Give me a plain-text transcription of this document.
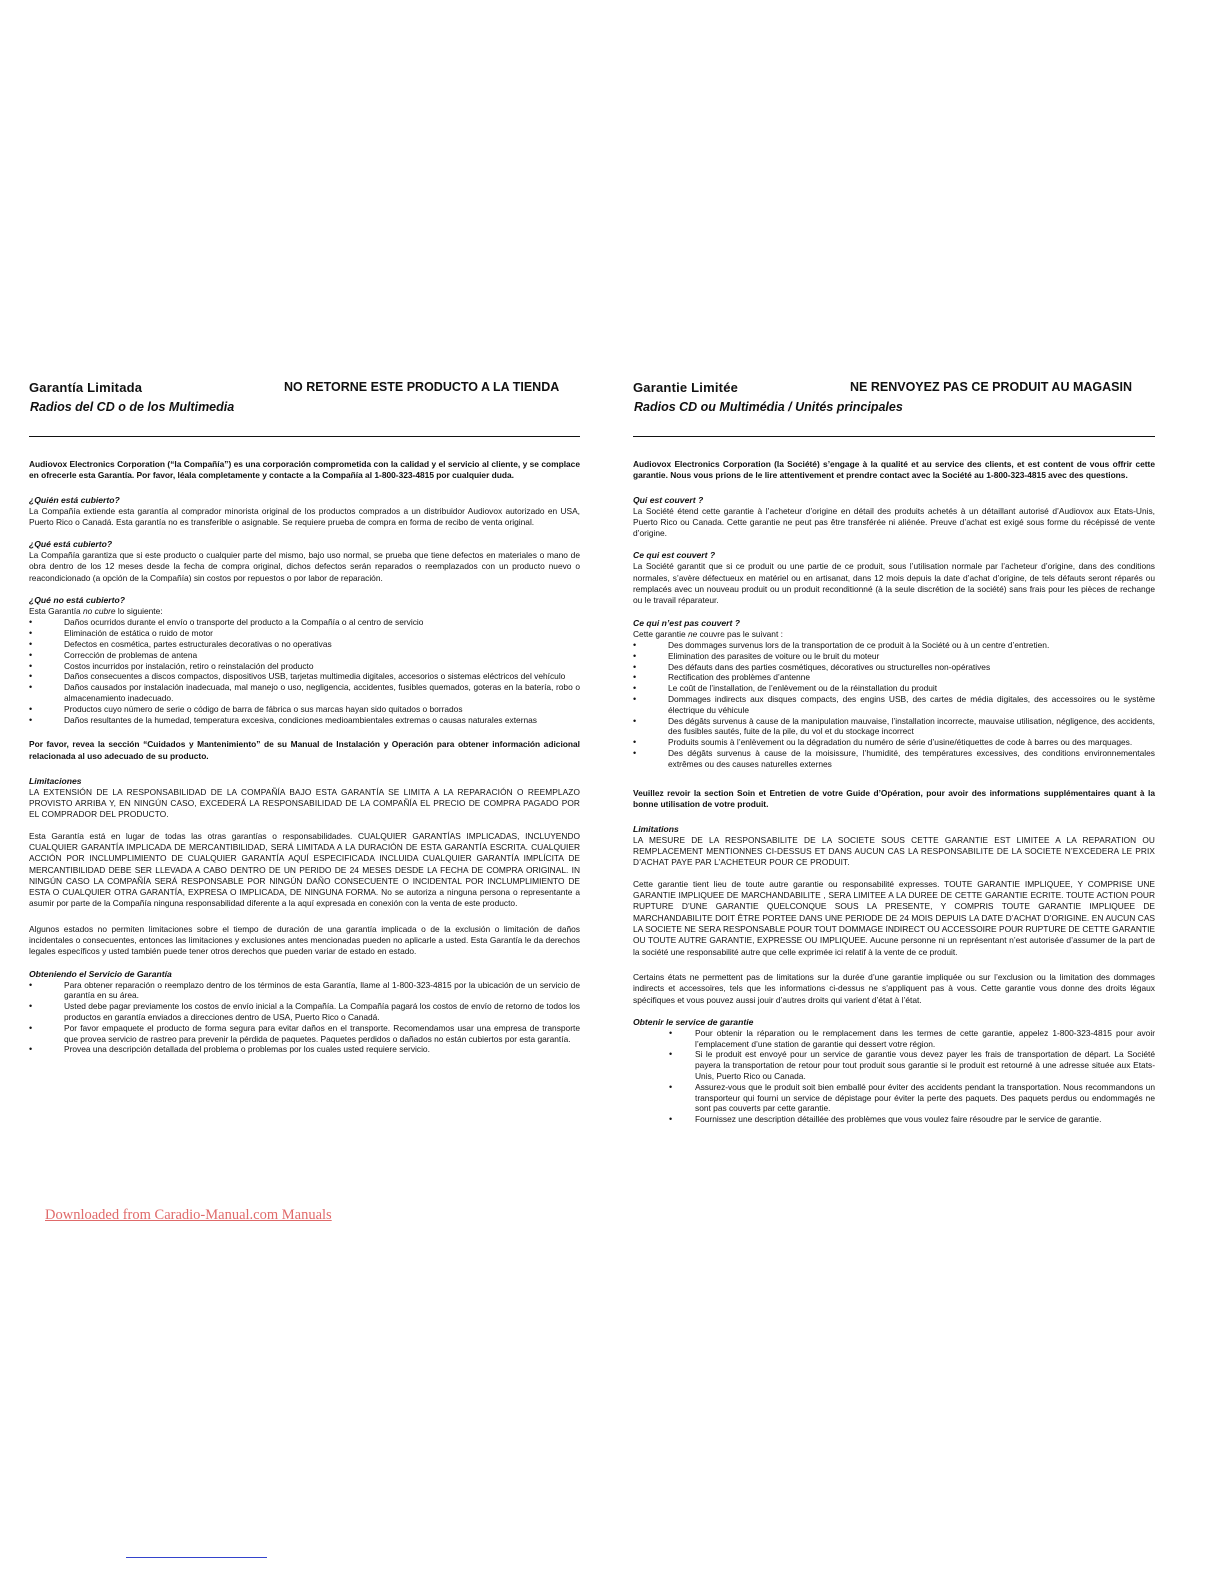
Garantía Limitada	NO RETORNE ESTE PRODUCTO A LA TIENDA
Radios del CD o de los Multimedia

Audiovox Electronics Corporation (“la Compañía”) es una corporación comprometida con la calidad y el servicio al cliente, y se complace en ofrecerle esta Garantía. Por favor, léala completamente y contacte a la Compañía al 1-800-323-4815 por cualquier duda.

¿Quién está cubierto?

La Compañía extiende esta garantía al comprador minorista original de los productos comprados a un distribuidor Audiovox autorizado en USA, Puerto Rico o Canadá. Esta garantía no es transferible o asignable. Se requiere prueba de compra en forma de recibo de venta original.

¿Qué está cubierto?

La Compañía garantiza que si este producto o cualquier parte del mismo, bajo uso normal, se prueba que tiene defectos en materiales o mano de obra dentro de los 12 meses desde la fecha de compra original, dichos defectos serán reparados o reemplazados con un producto nuevo o reacondicionado (a opción de la Compañía) sin costos por repuestos o por labor de reparación.

¿Qué no está cubierto?

Esta Garantía no cubre lo siguiente:

• Daños ocurridos durante el envío o transporte del producto a la Compañía o al centro de servicio
• Eliminación de estática o ruido de motor
• Defectos en cosmética, partes estructurales decorativas o no operativas
• Corrección de problemas de antena
• Costos incurridos por instalación, retiro o reinstalación del producto
• Daños consecuentes a discos compactos, dispositivos USB, tarjetas multimedia digitales, accesorios o sistemas eléctricos del vehículo
• Daños causados por instalación inadecuada, mal manejo o uso, negligencia, accidentes, fusibles quemados, goteras en la batería, robo o almacenamiento inadecuado.
• Productos cuyo número de serie o código de barra de fábrica o sus marcas hayan sido quitados o borrados
• Daños resultantes de la humedad, temperatura excesiva, condiciones medioambientales extremas o causas naturales externas

Por favor, revea la sección “Cuidados y Mantenimiento” de su Manual de Instalación y Operación para obtener información adicional relacionada al uso adecuado de su producto.

Limitaciones

LA EXTENSIÓN DE LA RESPONSABILIDAD DE LA COMPAÑÍA BAJO ESTA GARANTÍA SE LIMITA A LA REPARACIÓN O REEMPLAZO PROVISTO ARRIBA Y, EN NINGÚN CASO, EXCEDERÁ LA RESPONSABILIDAD DE LA COMPAÑÍA EL PRECIO DE COMPRA PAGADO POR EL COMPRADOR DEL PRODUCTO.

Esta Garantía está en lugar de todas las otras garantías o responsabilidades. CUALQUIER GARANTÍAS IMPLICADAS, INCLUYENDO CUALQUIER GARANTÍA IMPLICADA DE MERCANTIBILIDAD, SERÁ LIMITADA A LA DURACIÓN DE ESTA GARANTÍA ESCRITA. CUALQUIER ACCIÓN POR INCLUMPLIMIENTO DE CUALQUIER GARANTÍA AQUÍ ESPECIFICADA INCLUIDA CUALQUIER GARANTÍA IMPLÍCITA DE MERCANTIBILIDAD DEBE SER LLEVADA A CABO DENTRO DE UN PERIDO DE 24 MESES DESDE LA FECHA DE COMPRA ORIGINAL. IN NINGÚN CASO LA COMPAÑÍA SERÁ RESPONSABLE POR NINGÚN DAÑO CONSECUENTE O INCIDENTAL POR INCLUMPLIMIENTO DE ESTA O CUALQUIER OTRA GARANTÍA, EXPRESA O IMPLICADA, DE NINGUNA FORMA. No se autoriza a ninguna persona o representante a asumir por parte de la Compañía ninguna responsabilidad diferente a la aquí expresada en conexión con la venta de este producto.

Algunos estados no permiten limitaciones sobre el tiempo de duración de una garantía implicada o de la exclusión o limitación de daños incidentales o consecuentes, entonces las limitaciones y exclusiones antes mencionadas pueden no aplicarle a usted. Esta Garantía le da derechos legales específicos y usted también puede tener otros derechos que pueden variar de estado en estado.

Obteniendo el Servicio de Garantía
• Para obtener reparación o reemplazo dentro de los términos de esta Garantía, llame al 1-800-323-4815 por la ubicación de un servicio de garantía en su área.
• Usted debe pagar previamente los costos de envío inicial a la Compañía. La Compañía pagará los costos de envío de retorno de todos los productos en garantía enviados a direcciones dentro de USA, Puerto Rico o Canadá.
• Por favor empaquete el producto de forma segura para evitar daños en el transporte. Recomendamos usar una empresa de transporte que provea servicio de rastreo para prevenir la pérdida de paquetes. Paquetes perdidos o dañados no están cubiertos por esta garantía.
• Provea una descripción detallada del problema o problemas por los cuales usted requiere servicio.
Garantie Limitée	NE RENVOYEZ PAS CE PRODUIT AU MAGASIN
Radios CD ou Multimédia / Unités principales

Audiovox Electronics Corporation (la Société) s’engage à la qualité et au service des clients, et est content de vous offrir cette garantie. Nous vous prions de le lire attentivement et prendre contact avec la Société au 1-800-323-4815 avec des questions.

Qui est couvert ?

La Société étend cette garantie à l’acheteur d’origine en détail des produits achetés à un détaillant autorisé d’Audiovox aux Etats-Unis, Puerto Rico ou Canada. Cette garantie ne peut pas être transférée ni aliénée. Preuve d’achat est exigé sous forme du récépissé de vente d’origine.

Ce qui est couvert ?

La Société garantit que si ce produit ou une partie de ce produit, sous l’utilisation normale par l’acheteur d’origine, dans des conditions normales, s’avère défectueux en matériel ou en artisanat, dans 12 mois depuis la date d’achat d’origine, de tels défauts seront réparés ou remplacés avec un nouveau produit ou un produit reconditionné (à la seule discrétion de la société) sans frais pour les pièces de rechange ou le travail réparateur.

Ce qui n’est pas couvert ?

Cette garantie ne couvre pas le suivant :

• Des dommages survenus lors de la transportation de ce produit à la Société ou à un centre d’entretien.
• Elimination des parasites de voiture ou le bruit du moteur
• Des défauts dans des parties cosmétiques, décoratives ou structurelles non-opératives
• Rectification des problèmes d’antenne
• Le coût de l’installation, de l’enlèvement ou de la réinstallation du produit
• Dommages indirects aux disques compacts, des engins USB, des cartes de média digitales, des accessoires ou le système électrique du véhicule
• Des dégâts survenus à cause de la manipulation mauvaise, l’installation incorrecte, mauvaise utilisation, négligence, des accidents, des fusibles sautés, fuite de la pile, du vol et du stockage incorrect
• Produits soumis à l’enlèvement ou la dégradation du numéro de série d’usine/étiquettes de code à barres ou des marquages.
• Des dégâts survenus à cause de la moisissure, l’humidité, des températures excessives, des conditions environnementales extrêmes ou des causes naturelles externes

Veuillez revoir la section Soin et Entretien de votre Guide d’Opération, pour avoir des informations supplémentaires quant à la bonne utilisation de votre produit.

Limitations

LA MESURE DE LA RESPONSABILITE DE LA SOCIETE SOUS CETTE GARANTIE EST LIMITEE A LA REPARATION OU REMPLACEMENT MENTIONNES CI-DESSUS ET DANS AUCUN CAS LA RESPONSABILITE DE LA SOCIETE N’EXCEDERA LE PRIX D’ACHAT PAYE PAR L’ACHETEUR POUR CE PRODUIT.

Cette garantie tient lieu de toute autre garantie ou responsabilité expresses. TOUTE GARANTIE IMPLIQUEE, Y COMPRISE UNE GARANTIE IMPLIQUEE DE MARCHANDABILITE , SERA LIMITEE A LA DUREE DE CETTE GARANTIE ECRITE. TOUTE ACTION POUR RUPTURE D’UNE GARANTIE QUELCONQUE SOUS LA PRESENTE, Y COMPRIS TOUTE GARANTIE IMPLIQUEE DE MARCHANDABILITE DOIT ÊTRE PORTEE DANS UNE PERIODE DE 24 MOIS DEPUIS LA DATE D’ACHAT D’ORIGINE. EN AUCUN CAS LA SOCIETE NE SERA RESPONSABLE POUR TOUT DOMMAGE INDIRECT OU ACCESSOIRE POUR RUPTURE DE CETTE GARANTIE OU TOUTE AUTRE GARANTIE, EXPRESSE OU IMPLIQUEE. Aucune personne ni un représentant n’est autorisée d’assumer de la part de la société une responsabilité autre que celle exprimée ici relatif à la vente de ce produit.

Certains états ne permettent pas de limitations sur la durée d’une garantie impliquée ou sur l’exclusion ou la limitation des dommages indirects et accessoires, tels que les informations ci-dessus ne s’appliquent pas à vous. Cette garantie vous donne des droits légaux spécifiques et vous pouvez aussi jouir d’autres droits qui varient d’état à l’état.

Obtenir le service de garantie
• Pour obtenir la réparation ou le remplacement dans les termes de cette garantie, appelez 1-800-323-4815 pour avoir l’emplacement d’une station de garantie qui dessert votre région.
• Si le produit est envoyé pour un service de garantie vous devez payer les frais de transportation de départ. La Société payera la transportation de retour pour tout produit sous garantie si le produit est retourné à une adresse située aux Etats-Unis, Puerto Rico ou Canada.
• Assurez-vous que le produit soit bien emballé pour éviter des accidents pendant la transportation. Nous recommandons un transporteur qui fourni un service de dépistage pour éviter la perte des paquets. Des paquets perdus ou endommagés ne sont pas couverts par cette garantie.
• Fournissez une description détaillée des problèmes que vous voulez faire résoudre par le service de garantie.
Downloaded from Caradio-Manual.com Manuals
